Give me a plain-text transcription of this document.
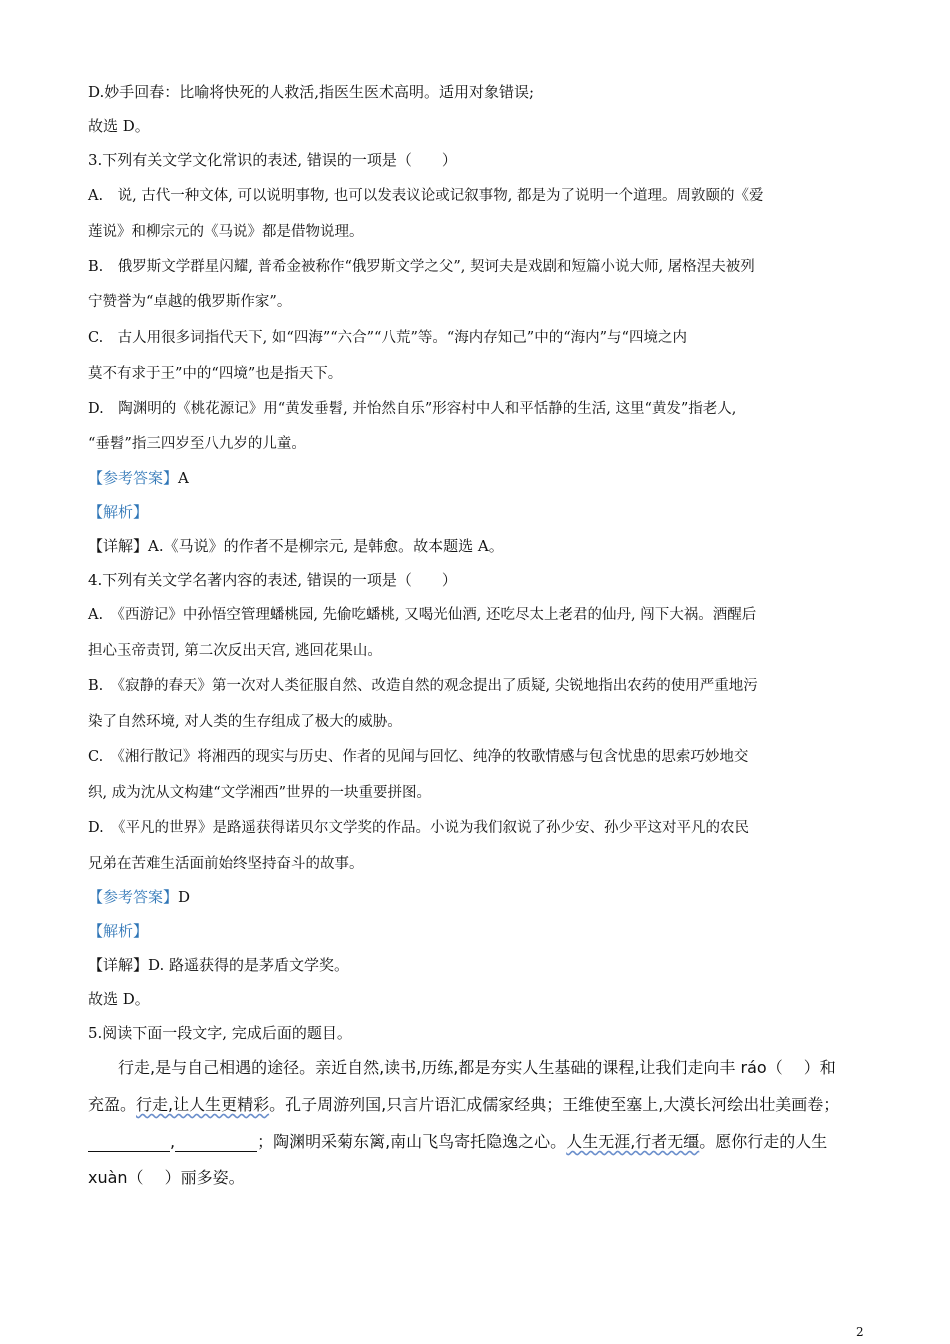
D.妙手回春：比喻将快死的人救活,指医生医术高明。适用对象错误;
故选 D。
3.下列有关文学文化常识的表述, 错误的一项是（　　）
A.　说, 古代一种文体, 可以说明事物, 也可以发表议论或记叙事物, 都是为了说明一个道理。周敦颐的《爱
莲说》和柳宗元的《马说》都是借物说理。
B.　俄罗斯文学群星闪耀, 普希金被称作“俄罗斯文学之父”, 契诃夫是戏剧和短篇小说大师, 屠格涅夫被列
宁赞誉为“卓越的俄罗斯作家”。
C.　古人用很多词指代天下, 如“四海”“六合”“八荒”等。“海内存知己”中的“海内”与“四境之内
莫不有求于王”中的“四境”也是指天下。
D.　陶渊明的《桃花源记》用“黄发垂髫, 并怡然自乐”形容村中人和平恬静的生活, 这里“黄发”指老人,
“垂髫”指三四岁至八九岁的儿童。
【参考答案】A
【解析】
【详解】A.《马说》的作者不是柳宗元, 是韩愈。故本题选 A。
4.下列有关文学名著内容的表述, 错误的一项是（　　）
A.　《西游记》中孙悟空管理蟠桃园, 先偷吃蟠桃, 又喝光仙酒, 还吃尽太上老君的仙丹, 闯下大祸。酒醒后
担心玉帝责罚, 第二次反出天宫, 逃回花果山。
B.　《寂静的春天》第一次对人类征服自然、改造自然的观念提出了质疑, 尖锐地指出农药的使用严重地污
染了自然环境, 对人类的生存组成了极大的威胁。
C.　《湘行散记》将湘西的现实与历史、作者的见闻与回忆、纯净的牧歌情感与包含忧患的思索巧妙地交
织, 成为沈从文构建“文学湘西”世界的一块重要拼图。
D.　《平凡的世界》是路遥获得诺贝尔文学奖的作品。小说为我们叙说了孙少安、孙少平这对平凡的农民
兄弟在苦难生活面前始终坚持奋斗的故事。
【参考答案】D
【解析】
【详解】D. 路遥获得的是茅盾文学奖。
故选 D。
5.阅读下面一段文字, 完成后面的题目。
行走,是与自己相遇的途径。亲近自然,读书,历练,都是夯实人生基础的课程,让我们走向丰 ráo（　 ）和
充盈。行走,让人生更精彩。孔子周游列国,只言片语汇成儒家经典；王维使至塞上,大漠长河绘出壮美画卷；
,	；陶渊明采菊东篱,南山飞鸟寄托隐逸之心。人生无涯,行者无缰。愿你行走的人生
xuàn（　 ）丽多姿。
2
